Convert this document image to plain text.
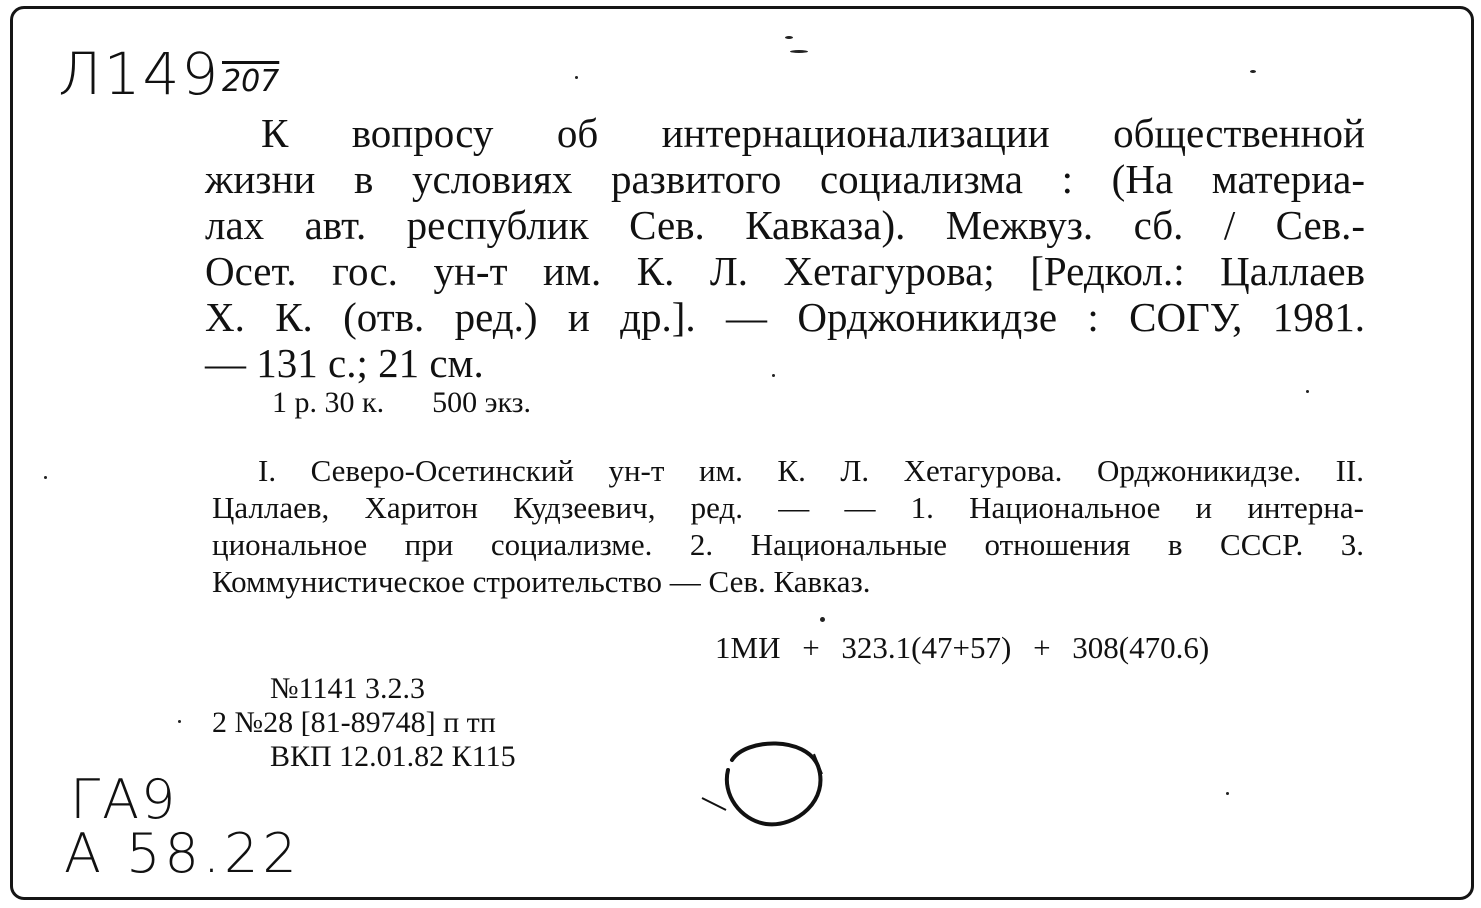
Л149 207
К вопросу об интернационализации общественной
жизни в условиях развитого социализма : (На материа-
лах авт. республик Сев. Кавказа). Межвуз. сб. / Сев.-
Осет. гос. ун-т им. К. Л. Хетагурова; [Редкол.: Цаллаев
Х. К. (отв. ред.) и др.]. — Орджоникидзе : СОГУ, 1981.
— 131 с.; 21 см.
1 р. 30 к. 500 экз.
I. Северо-Осетинский ун-т им. К. Л. Хетагурова. Орджоникидзе. II.
Цаллаев, Харитон Кудзеевич, ред. — — 1. Национальное и интерна-
циональное при социализме. 2. Национальные отношения в СССР. 3.
Коммунистическое строительство — Сев. Кавказ.
1МИ + 323.1(47+57) + 308(470.6)
№1141 3.2.3
2 №28 [81-89748] п тп
ВКП 12.01.82 К115
ГА9
А 58.22
